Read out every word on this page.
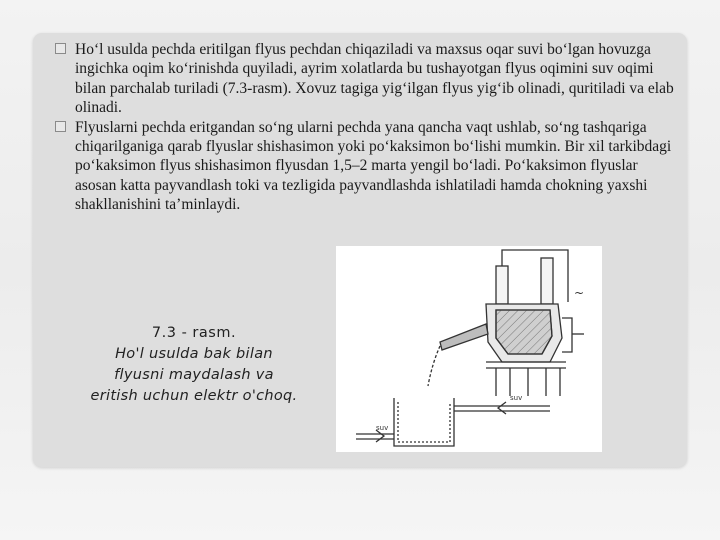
Ho‘l usulda pechda eritilgan flyus pechdan chiqaziladi va maxsus oqar suvi bo‘lgan hovuzga ingichka oqim ko‘rinishda quyiladi, ayrim xolatlarda bu tushayotgan flyus oqimini suv oqimi bilan parchalab turiladi (7.3-rasm). Xovuz tagiga yig‘ilgan flyus yig‘ib olinadi, quritiladi va elab olinadi.

Flyuslarni pechda eritgandan so‘ng ularni pechda yana qancha vaqt ushlab, so‘ng tashqariga chiqarilganiga qarab flyuslar shishasimon yoki po‘kaksimon bo‘lishi mumkin. Bir xil tarkibdagi po‘kaksimon flyus shishasimon flyusdan 1,5–2 marta yengil bo‘ladi. Po‘kaksimon flyuslar asosan katta payvandlash toki va tezligida payvandlashda ishlatiladi hamda chokning yaxshi shakllanishini ta’minlaydi.

7.3 - rasm.
Ho'l usulda bak bilan
flyusni maydalash va
eritish uchun elektr o'choq.	suv
suv
~
